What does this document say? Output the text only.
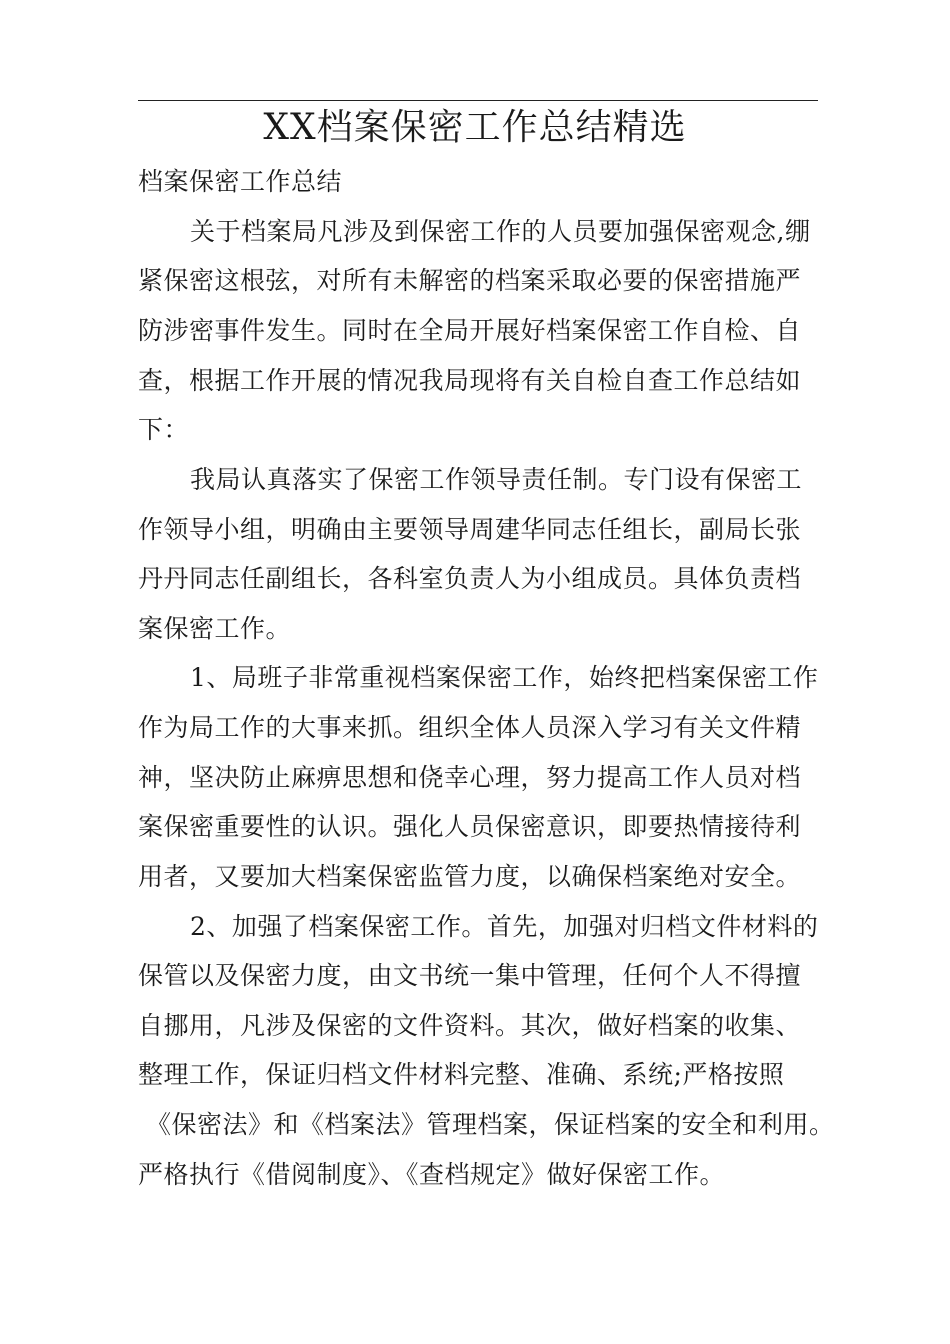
XX档案保密工作总结精选
档案保密工作总结
关于档案局凡涉及到保密工作的人员要加强保密观念,绷
紧保密这根弦，对所有未解密的档案采取必要的保密措施严
防涉密事件发生。同时在全局开展好档案保密工作自检、自
查，根据工作开展的情况我局现将有关自检自查工作总结如
下：
我局认真落实了保密工作领导责任制。专门设有保密工
作领导小组，明确由主要领导周建华同志任组长，副局长张
丹丹同志任副组长，各科室负责人为小组成员。具体负责档
案保密工作。
1、局班子非常重视档案保密工作，始终把档案保密工作
作为局工作的大事来抓。组织全体人员深入学习有关文件精
神，坚决防止麻痹思想和侥幸心理，努力提高工作人员对档
案保密重要性的认识。强化人员保密意识，即要热情接待利
用者，又要加大档案保密监管力度，以确保档案绝对安全。
2、加强了档案保密工作。首先，加强对归档文件材料的
保管以及保密力度，由文书统一集中管理，任何个人不得擅
自挪用，凡涉及保密的文件资料。其次，做好档案的收集、
整理工作，保证归档文件材料完整、准确、系统;严格按照
《保密法》和《档案法》管理档案，保证档案的安全和利用。
严格执行《借阅制度》、《查档规定》做好保密工作。
